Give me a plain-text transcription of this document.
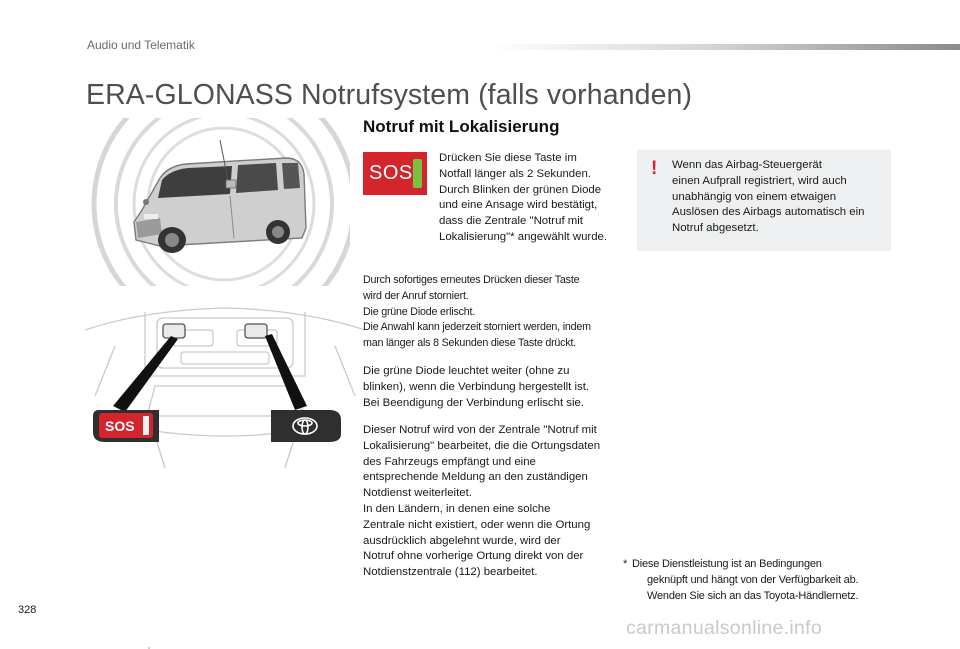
Audio und Telematik
ERA-GLONASS Notrufsystem (falls vorhanden)
SOS
Notruf mit Lokalisierung
SOS
Drücken Sie diese Taste im
Notfall länger als 2 Sekunden.
Durch Blinken der grünen Diode
und eine Ansage wird bestätigt,
dass die Zentrale "Notruf mit
Lokalisierung"* angewählt wurde.
Durch sofortiges erneutes Drücken dieser Taste
wird der Anruf storniert.
Die grüne Diode erlischt.
Die Anwahl kann jederzeit storniert werden, indem
man länger als 8 Sekunden diese Taste drückt.
Die grüne Diode leuchtet weiter (ohne zu
blinken), wenn die Verbindung hergestellt ist.
Bei Beendigung der Verbindung erlischt sie.
Dieser Notruf wird von der Zentrale "Notruf mit
Lokalisierung" bearbeitet, die die Ortungsdaten
des Fahrzeugs empfängt und eine
entsprechende Meldung an den zuständigen
Notdienst weiterleitet.
In den Ländern, in denen eine solche
Zentrale nicht existiert, oder wenn die Ortung
ausdrücklich abgelehnt wurde, wird der
Notruf ohne vorherige Ortung direkt von der
Notdienstzentrale (112) bearbeitet.
! Wenn das Airbag-Steuergerät
einen Aufprall registriert, wird auch
unabhängig von einem etwaigen
Auslösen des Airbags automatisch ein
Notruf abgesetzt.
* Diese Dienstleistung ist an Bedingungen
geknüpft und hängt von der Verfügbarkeit ab.
Wenden Sie sich an das Toyota-Händlernetz.
328
carmanualsonline.info
